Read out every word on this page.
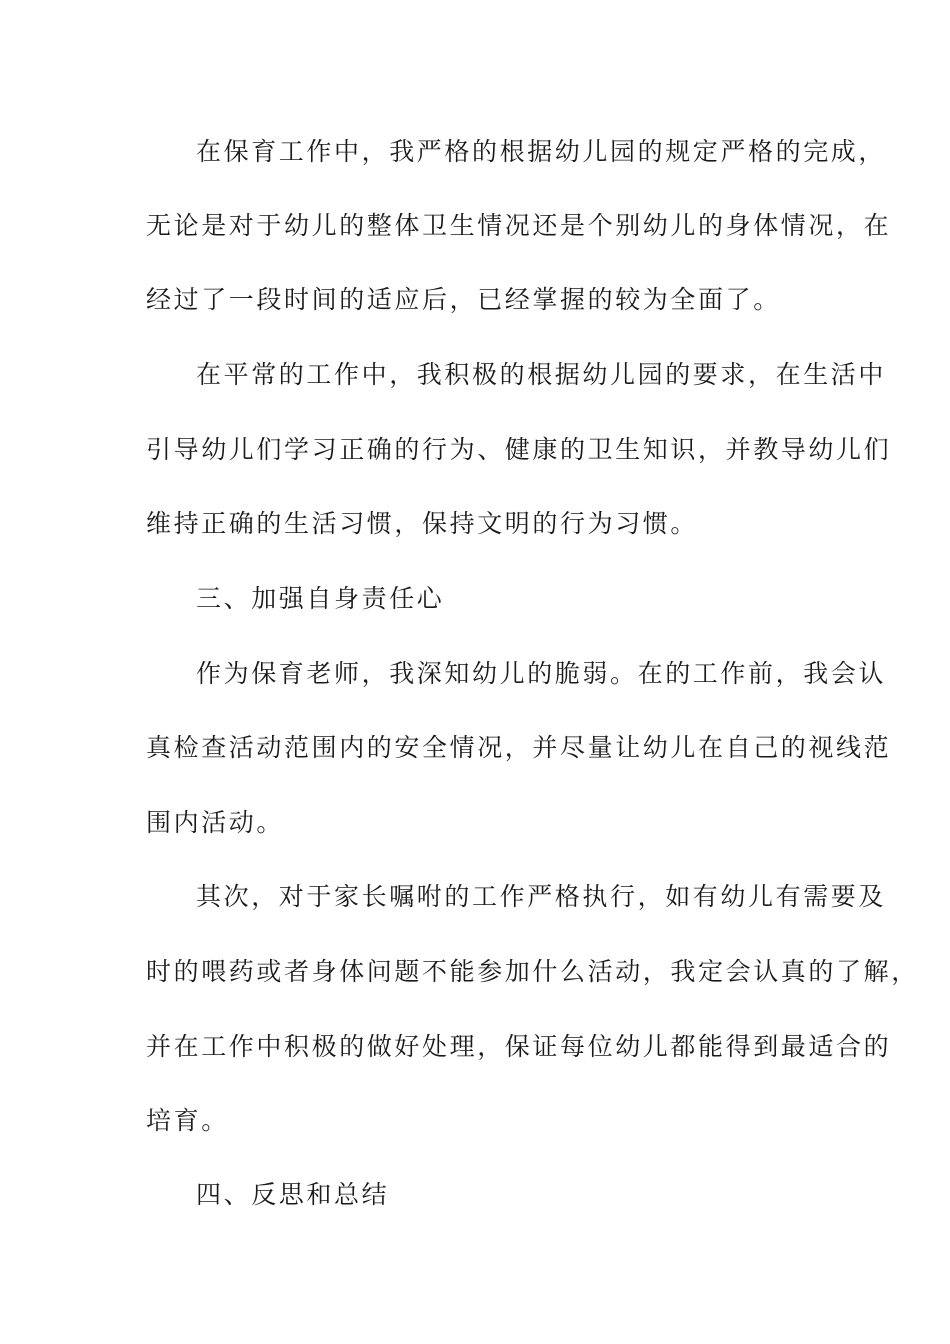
在保育工作中，我严格的根据幼儿园的规定严格的完成，
无论是对于幼儿的整体卫生情况还是个别幼儿的身体情况，在
经过了一段时间的适应后，已经掌握的较为全面了。
在平常的工作中，我积极的根据幼儿园的要求，在生活中
引导幼儿们学习正确的行为、健康的卫生知识，并教导幼儿们
维持正确的生活习惯，保持文明的行为习惯。
三、加强自身责任心
作为保育老师，我深知幼儿的脆弱。在的工作前，我会认
真检查活动范围内的安全情况，并尽量让幼儿在自己的视线范
围内活动。
其次，对于家长嘱咐的工作严格执行，如有幼儿有需要及
时的喂药或者身体问题不能参加什么活动，我定会认真的了解，
并在工作中积极的做好处理，保证每位幼儿都能得到最适合的
培育。
四、反思和总结
